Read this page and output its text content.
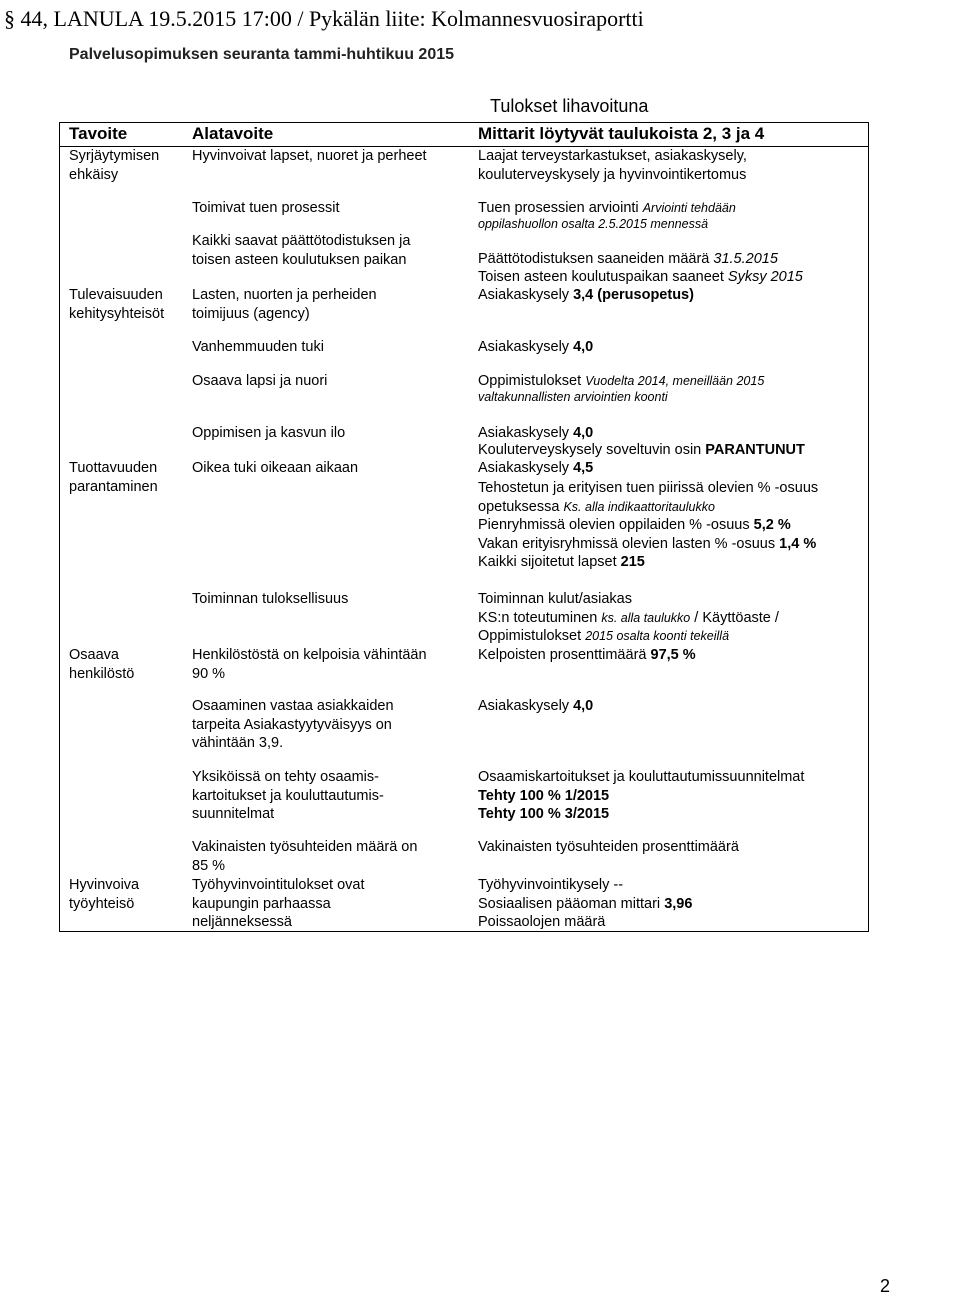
§ 44, LANULA 19.5.2015 17:00 / Pykälän liite: Kolmannesvuosiraportti
Palvelusopimuksen seuranta tammi-huhtikuu 2015
Tulokset lihavoituna
Tavoite	Alatavoite	Mittarit löytyvät taulukoista 2, 3 ja 4
Syrjäytymisen
ehkäisy
Tulevaisuuden
kehitysyhteisöt
Tuottavuuden
parantaminen
Osaava
henkilöstö
Hyvinvoiva
työyhteisö
Hyvinvoivat lapset, nuoret ja perheet
Toimivat tuen prosessit
Kaikki saavat päättötodistuksen ja
toisen asteen koulutuksen paikan
Lasten, nuorten ja perheiden
toimijuus (agency)
Vanhemmuuden tuki
Osaava lapsi ja nuori
Oppimisen ja kasvun ilo
Oikea tuki oikeaan aikaan
Toiminnan tuloksellisuus
Henkilöstöstä on kelpoisia vähintään
90 %
Osaaminen vastaa asiakkaiden
tarpeita Asiakastyytyväisyys on
vähintään 3,9.
Yksiköissä on tehty osaamis-
kartoitukset ja kouluttautumis-
suunnitelmat
Vakinaisten työsuhteiden määrä on
85 %
Työhyvinvointitulokset ovat
kaupungin parhaassa
neljänneksessä
Laajat terveystarkastukset, asiakaskysely,
kouluterveyskysely ja hyvinvointikertomus
Tuen prosessien arviointi Arviointi tehdään
oppilashuollon osalta 2.5.2015 mennessä
Päättötodistuksen saaneiden määrä 31.5.2015
Toisen asteen koulutuspaikan saaneet Syksy 2015
Asiakaskysely 3,4 (perusopetus)
Asiakaskysely 4,0
Oppimistulokset Vuodelta 2014, meneillään 2015
valtakunnallisten arviointien koonti
Asiakaskysely 4,0
Kouluterveyskysely soveltuvin osin PARANTUNUT
Asiakaskysely 4,5
Tehostetun ja erityisen tuen piirissä olevien % -osuus
opetuksessa Ks. alla indikaattoritaulukko
Pienryhmissä olevien oppilaiden % -osuus 5,2 %
Vakan erityisryhmissä olevien lasten % -osuus 1,4 %
Kaikki sijoitetut lapset 215
Toiminnan kulut/asiakas
KS:n toteutuminen ks. alla taulukko / Käyttöaste /
Oppimistulokset 2015 osalta koonti tekeillä
Kelpoisten prosenttimäärä 97,5 %
Asiakaskysely 4,0
Osaamiskartoitukset ja kouluttautumissuunnitelmat
Tehty 100 % 1/2015
Tehty 100 % 3/2015
Vakinaisten työsuhteiden prosenttimäärä
Työhyvinvointikysely --
Sosiaalisen pääoman mittari 3,96
Poissaolojen määrä
2
